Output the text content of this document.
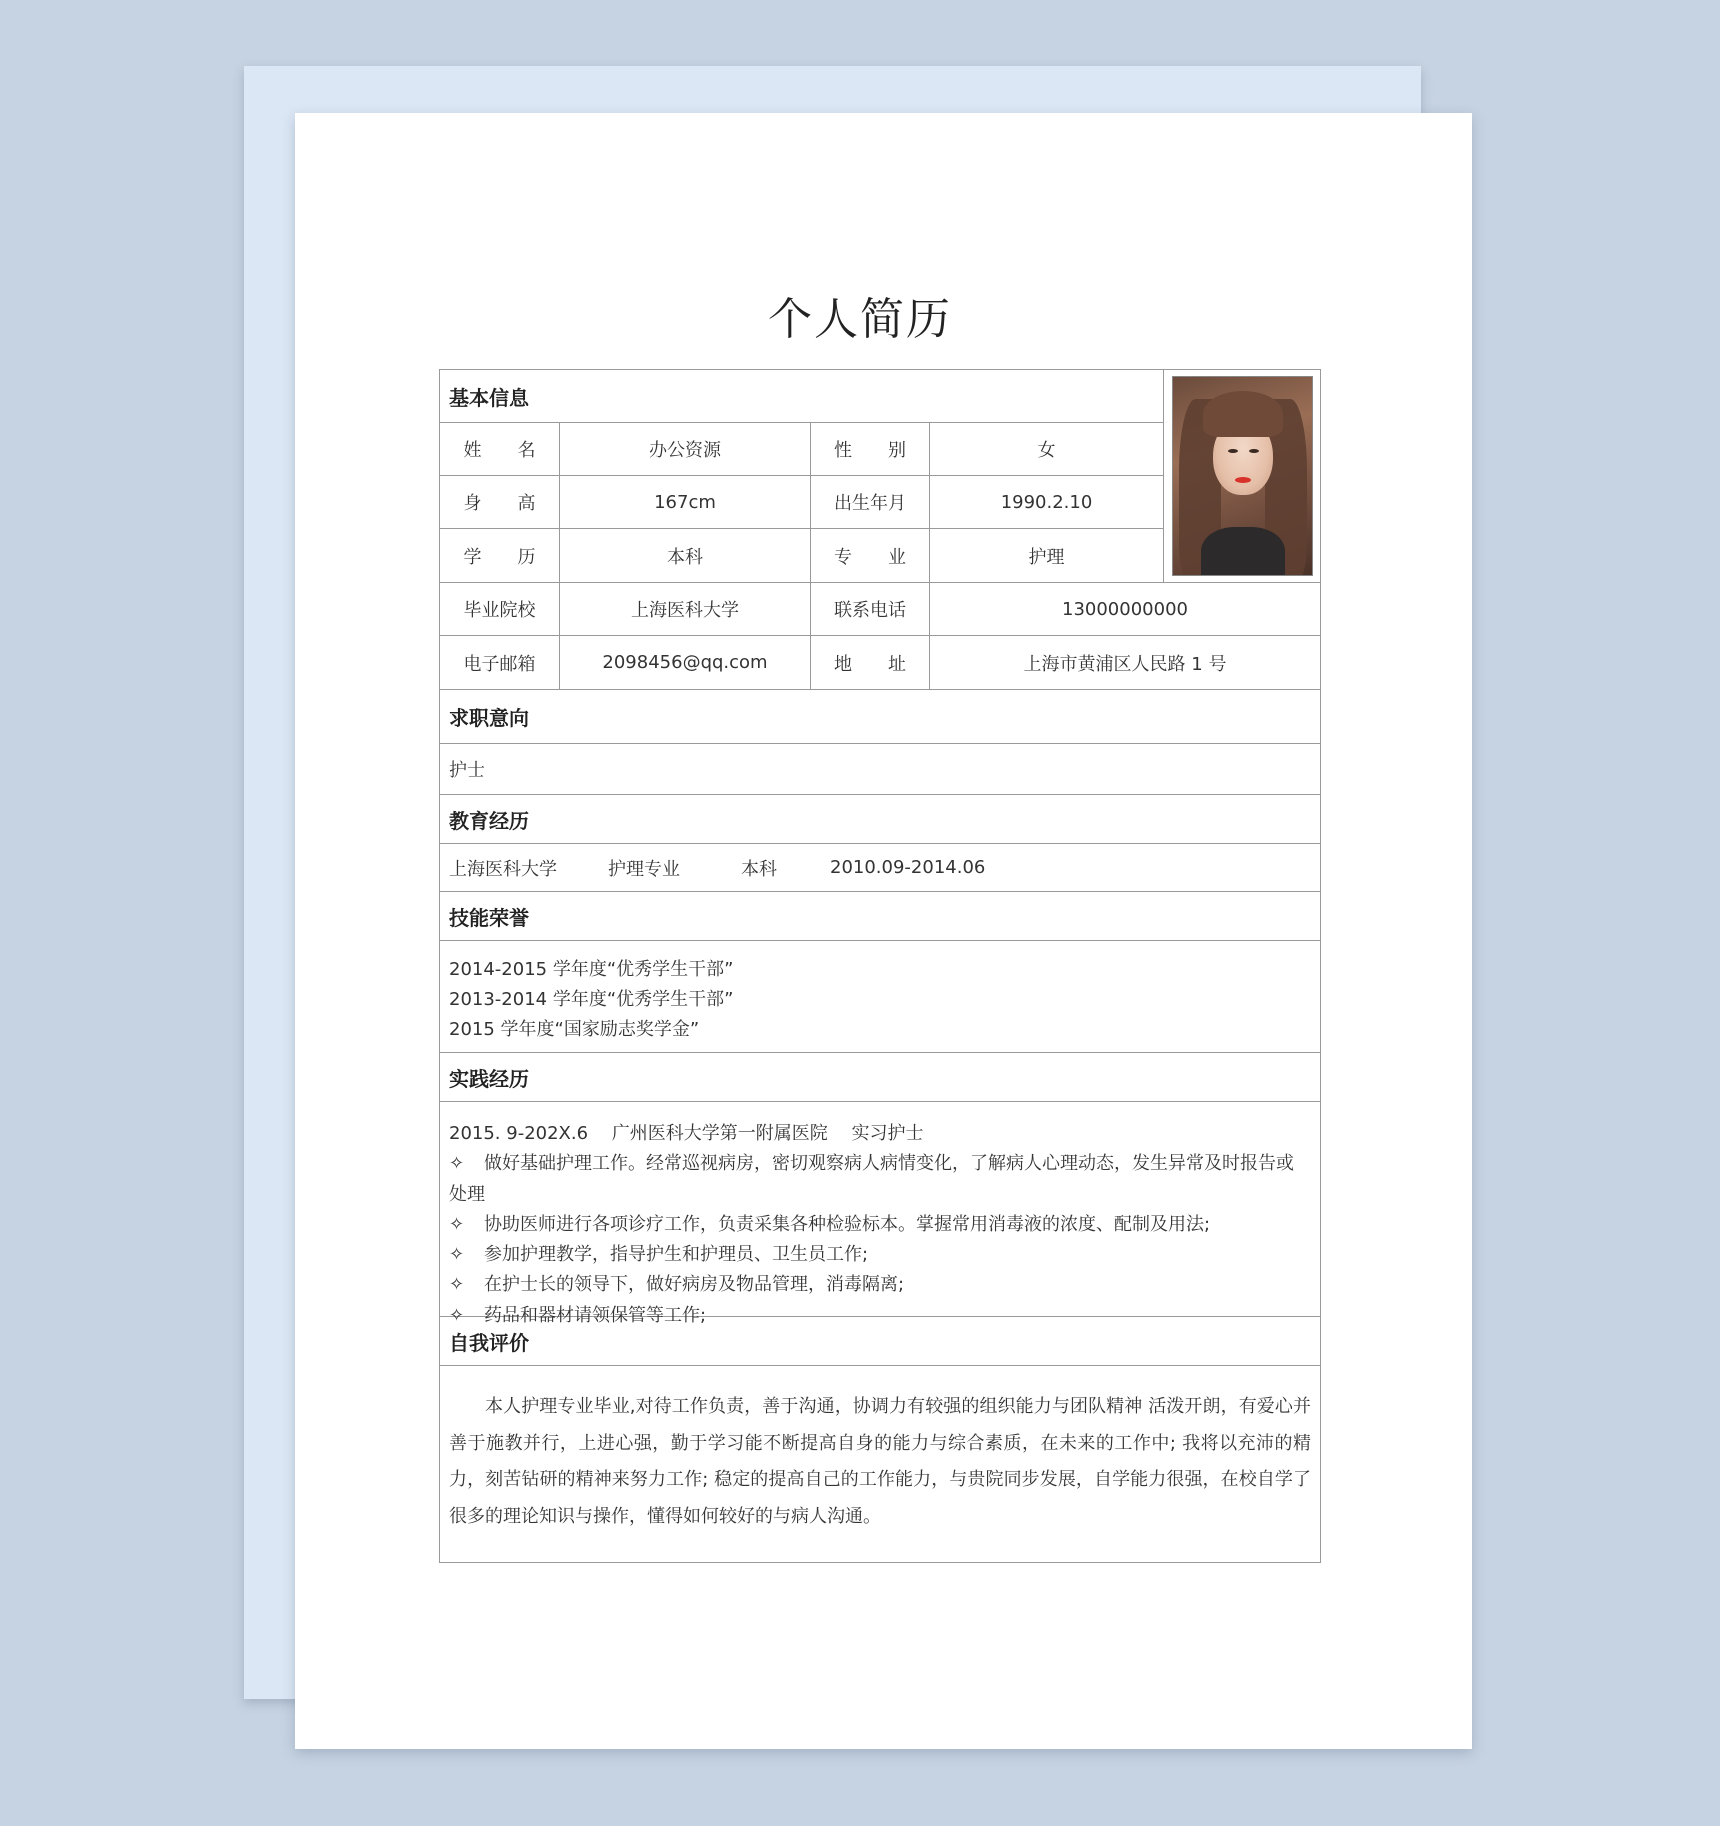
个人简历
基本信息
姓　　名	办公资源	性　　别	女
身　　高	167cm	出生年月	1990.2.10
学　　历	本科	专　　业	护理
毕业院校	上海医科大学	联系电话	13000000000
电子邮箱	2098456@qq.com	地　　址	上海市黄浦区人民路 1 号
求职意向
护士
教育经历
上海医科大学	护理专业	本科	2010.09-2014.06
技能荣誉
2014-2015 学年度“优秀学生干部”
2013-2014 学年度“优秀学生干部”
2015 学年度“国家励志奖学金”
实践经历
2015. 9-202X.6　 广州医科大学第一附属医院　 实习护士
✧ 做好基础护理工作。经常巡视病房，密切观察病人病情变化，了解病人心理动态，发生异常及时报告或处理
✧ 协助医师进行各项诊疗工作，负责采集各种检验标本。掌握常用消毒液的浓度、配制及用法;
✧ 参加护理教学，指导护生和护理员、卫生员工作;
✧ 在护士长的领导下，做好病房及物品管理，消毒隔离;
✧ 药品和器材请领保管等工作;
自我评价
本人护理专业毕业,对待工作负责，善于沟通，协调力有较强的组织能力与团队精神 活泼开朗，有爱心并善于施教并行，上进心强，勤于学习能不断提高自身的能力与综合素质，在未来的工作中; 我将以充沛的精力，刻苦钻研的精神来努力工作; 稳定的提高自己的工作能力，与贵院同步发展，自学能力很强，在校自学了很多的理论知识与操作，懂得如何较好的与病人沟通。
